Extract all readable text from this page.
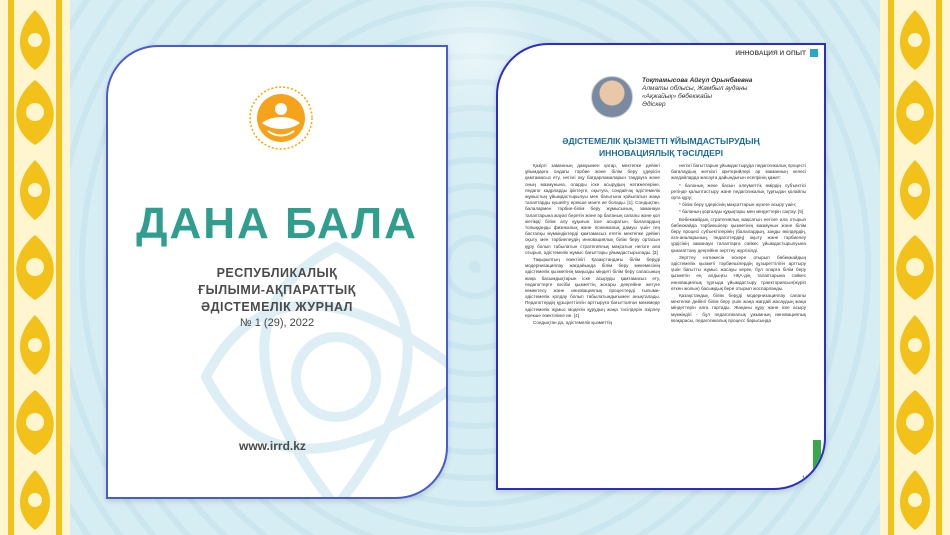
ДАНА БАЛА
РЕСПУБЛИКАЛЫҚ
ҒЫЛЫМИ-АҚПАРАТТЫҚ
ӘДІСТЕМЕЛІК ЖУРНАЛ
№ 1 (29), 2022
www.irrd.kz
ИННОВАЦИЯ И ОПЫТ
Тоқтамысова Айгүл Орынбаевна
Алматы облысы, Жамбыл ауданы
«Ақжайық» бөбекжайы
Әдіскер
ӘДІСТЕМЕЛІК ҚЫЗМЕТТІ ҰЙЫМДАСТЫРУДЫҢ
ИННОВАЦИЯЛЫҚ ТӘСІЛДЕРІ

Қазіргі заманның дамуымен қатар, мектепке дейінгі ұйымдарға ондағы тәрбие және білім беру үдерісін қамтамасыз ету, негізгі оқу бағдарламаларын таңдауға және оның мазмұнына, оларды іске асырудың нәтижелеріне, педагог кадрларды іріктеуге, оқытуға, сондай-ақ әдістемелік жұмыстың ұйымдастырылуы мен бағытына қойылатын жаңа талаптарды күшейту ерекше мәнге ие болады. [1]. Сондықтан, балалармен тәрбие-білім беру жұмысының, заманауи талаптарына жауап беретін және әр баланың сапалы және қол жетімді білім алу құқығын іске асыратын, балалардың толыққанды физикалық және психикалық дамуы үшін тең бастапқы мүмкіндіктерді қамтамасыз ететін мектепке дейінгі оқыту мен тәрбиелеудің инновациялық білім беру ортасын құру болып табылатын стратегиялық мақсатын негізге ала отырып, әдістемелік жұмыс бағыттары ұйымдастырылады. [3]

Тақырыптың өзектілігі Қазақстандағы білім беруді модернизациялау жағдайында білім беру мекемесінің әдістемелік қызметінің маңызды міндеті білім беру сапасының жаңа басымдықтарын іске асыруды қамтамасыз ету, педагогтерге кәсіби қызметтің жоғары деңгейіне жетуге көмектесу және инновациялық процестерді ғылыми-әдістемелік қолдау болып табылатындығымен анықталады. Педагогтердің құзыреттілігін арттыруға бағытталған мекемеде әдістемелік жұмыс моделін құрудың жаңа тәсілдерін әзірлеу ерекше өзектілікке ие. [4]

Сондықтан да, әдістемелік қызметтің

негізгі бағыттарын ұйымдастыруда педагогикалық процесті бағалаудың жеткізгі критерийлері әр маманның келесі жағдайларда жасауға дайындығын есепрінің қажет:

* баланың жеке басын әлеуметтік өмірдің субъектісі ретінде қалыптастыру және педагогикалық тұрғыдан қолайлы орта құру;

* білім беру үдерісінің мақсаттарын жүзеге асыру үшін;

* баланың қорғалды құқықтары мен міндеттерін сақтау. [5]

Бөбекжайдың стратегиялық мақсатын негізге ала отырып бөбекжайда тәрбиешілер қызметінің мазмұнын және білім беру процесі субъектілерінің (балалардың, заңды өкілдердің, ата-аналарының, педагогтердің) оқыту және тәрбиелеу үрдісінің заманауи талаптарға сәйкес ұйымдастырылуына қанағаттану деңгейіне зерттеу жүргізілді.

Зерттеу нәтижесін ескере отырып бөбекжайдың әдістемелік қызметі тәрбиешілердің құзыреттілігін арттыру үшін бағытты жұмыс жасауы керек, бұл оларға білім беру қызметін ең алдыңғы НҚА-дің талаптарына сәйкес инновациялық тұрғыда ұйымдастыру траекториясын(жүріп өткен жолын) басымдық бере отырып жоспарланды.

Қазақстандық білім беруді модернизациялау сапалы мектепке дейінгі білім беру үшін жаңа жағдай жасаудың жаңа міндеттерін алға тартады. Жаңаны құру және іске асыру мүмкіндігі - бұл педагогикалық ұжымның инновациялық көзқарасы, педагогикалық процесс барысында

101
